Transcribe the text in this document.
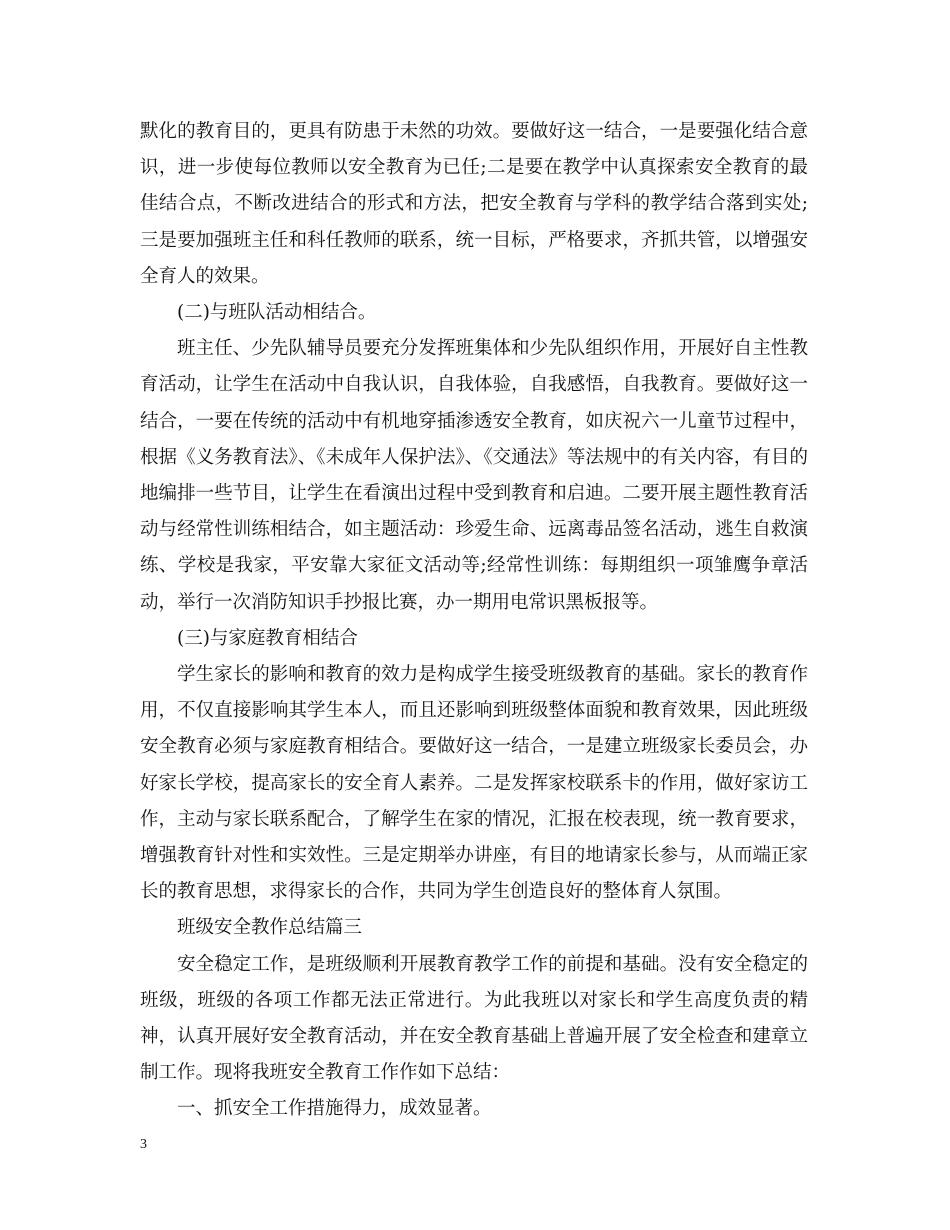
默化的教育目的，更具有防患于未然的功效。要做好这一结合，一是要强化结合意识，进一步使每位教师以安全教育为已任;二是要在教学中认真探索安全教育的最佳结合点，不断改进结合的形式和方法，把安全教育与学科的教学结合落到实处;三是要加强班主任和科任教师的联系，统一目标，严格要求，齐抓共管，以增强安全育人的效果。

(二)与班队活动相结合。

班主任、少先队辅导员要充分发挥班集体和少先队组织作用，开展好自主性教育活动，让学生在活动中自我认识，自我体验，自我感悟，自我教育。要做好这一结合，一要在传统的活动中有机地穿插渗透安全教育，如庆祝六一儿童节过程中，根据《义务教育法》、《未成年人保护法》、《交通法》等法规中的有关内容，有目的地编排一些节目，让学生在看演出过程中受到教育和启迪。二要开展主题性教育活动与经常性训练相结合，如主题活动：珍爱生命、远离毒品签名活动，逃生自救演练、学校是我家，平安靠大家征文活动等;经常性训练：每期组织一项雏鹰争章活动，举行一次消防知识手抄报比赛，办一期用电常识黑板报等。

(三)与家庭教育相结合

学生家长的影响和教育的效力是构成学生接受班级教育的基础。家长的教育作用，不仅直接影响其学生本人，而且还影响到班级整体面貌和教育效果，因此班级安全教育必须与家庭教育相结合。要做好这一结合，一是建立班级家长委员会，办好家长学校，提高家长的安全育人素养。二是发挥家校联系卡的作用，做好家访工作，主动与家长联系配合，了解学生在家的情况，汇报在校表现，统一教育要求，增强教育针对性和实效性。三是定期举办讲座，有目的地请家长参与，从而端正家长的教育思想，求得家长的合作，共同为学生创造良好的整体育人氛围。

班级安全教作总结篇三

安全稳定工作，是班级顺利开展教育教学工作的前提和基础。没有安全稳定的班级，班级的各项工作都无法正常进行。为此我班以对家长和学生高度负责的精神，认真开展好安全教育活动，并在安全教育基础上普遍开展了安全检查和建章立制工作。现将我班安全教育工作作如下总结：

一、抓安全工作措施得力，成效显著。

3
